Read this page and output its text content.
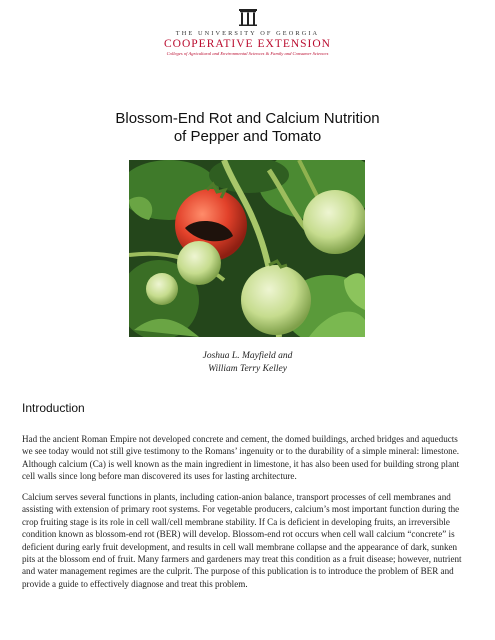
THE UNIVERSITY OF GEORGIA
COOPERATIVE EXTENSION
Colleges of Agricultural and Environmental Sciences & Family and Consumer Sciences
Blossom-End Rot and Calcium Nutrition
of Pepper and Tomato
Joshua L. Mayfield and
William Terry Kelley
Introduction

Had the ancient Roman Empire not developed concrete and cement, the domed buildings, arched bridges and aqueducts we see today would not still give testimony to the Romans’ ingenuity or to the durability of a simple mineral: limestone. Although calcium (Ca) is well known as the main ingredient in limestone, it has also been used for building strong plant cell walls since long before man discovered its uses for lasting architecture.

Calcium serves several functions in plants, including cation-anion balance, transport processes of cell membranes and assisting with extension of primary root systems. For vegetable producers, calcium’s most important function during the crop fruiting stage is its role in cell wall/cell membrane stability. If Ca is deficient in developing fruits, an irreversible condition known as blossom-end rot (BER) will develop. Blossom-end rot occurs when cell wall calcium “concrete” is deficient during early fruit development, and results in cell wall membrane collapse and the appearance of dark, sunken pits at the blossom end of fruit. Many farmers and gardeners may treat this condition as a fruit disease; however, nutrient and water management regimes are the culprit. The purpose of this publication is to introduce the problem of BER and provide a guide to effectively diagnose and treat this problem.
